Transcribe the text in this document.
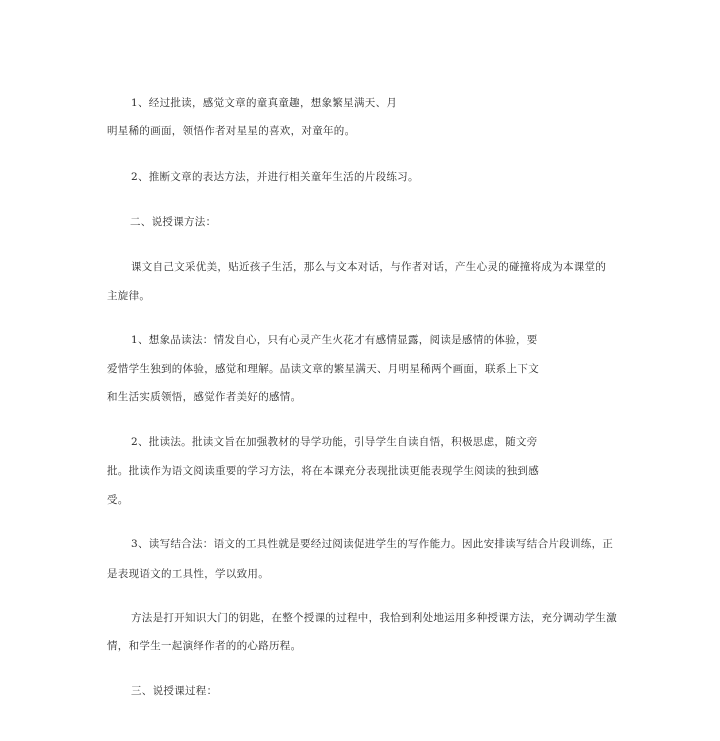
1、经过批读，感觉文章的童真童趣，想象繁星满天、月
明星稀的画面，领悟作者对星星的喜欢，对童年的。
2、推断文章的表达方法，并进行相关童年生活的片段练习。
二、说授课方法：
课文自己文采优美，贴近孩子生活，那么与文本对话，与作者对话，产生心灵的碰撞将成为本课堂的
主旋律。
1、想象品读法：情发自心，只有心灵产生火花才有感情显露，阅读是感情的体验，要
爱惜学生独到的体验，感觉和理解。品读文章的繁星满天、月明星稀两个画面，联系上下文
和生活实质领悟，感觉作者美好的感情。
2、批读法。批读文旨在加强教材的导学功能，引导学生自读自悟，积极思虑，随文旁
批。批读作为语文阅读重要的学习方法，将在本课充分表现批读更能表现学生阅读的独到感
受。
3、读写结合法：语文的工具性就是要经过阅读促进学生的写作能力。因此安排读写结合片段训练，正
是表现语文的工具性，学以致用。
方法是打开知识大门的钥匙，在整个授课的过程中，我恰到利处地运用多种授课方法，充分调动学生激
情，和学生一起演绎作者的的心路历程。
三、说授课过程：
